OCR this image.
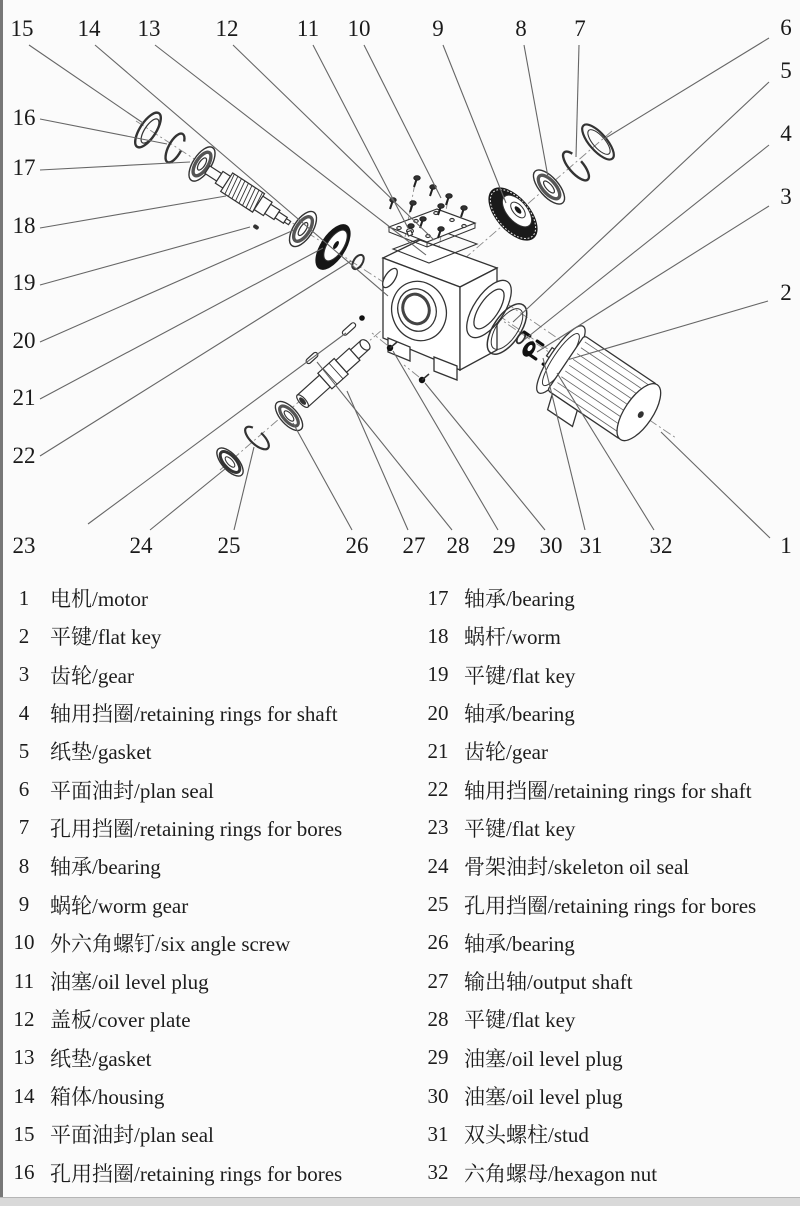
1
2
3
4
5
6
7
8
9
10
11
12
13
14
15
16
17
18
19
20
21
22
23	24	25	26 27 28 29 30 31 32
1 电机/motor
2 平键/flat key
3 齿轮/gear
4 轴用挡圈/retaining rings for shaft
5 纸垫/gasket
6 平面油封/plan seal
7 孔用挡圈/retaining rings for bores
8 轴承/bearing
9 蜗轮/worm gear
10 外六角螺钉/six angle screw
11 油塞/oil level plug
12 盖板/cover plate
13 纸垫/gasket
14 箱体/housing
15 平面油封/plan seal
16 孔用挡圈/retaining rings for bores
17 轴承/bearing
18 蜗杆/worm
19 平键/flat key
20 轴承/bearing
21 齿轮/gear
22 轴用挡圈/retaining rings for shaft
23 平键/flat key
24 骨架油封/skeleton oil seal
25 孔用挡圈/retaining rings for bores
26 轴承/bearing
27 输出轴/output shaft
28 平键/flat key
29 油塞/oil level plug
30 油塞/oil level plug
31 双头螺柱/stud
32 六角螺母/hexagon nut
